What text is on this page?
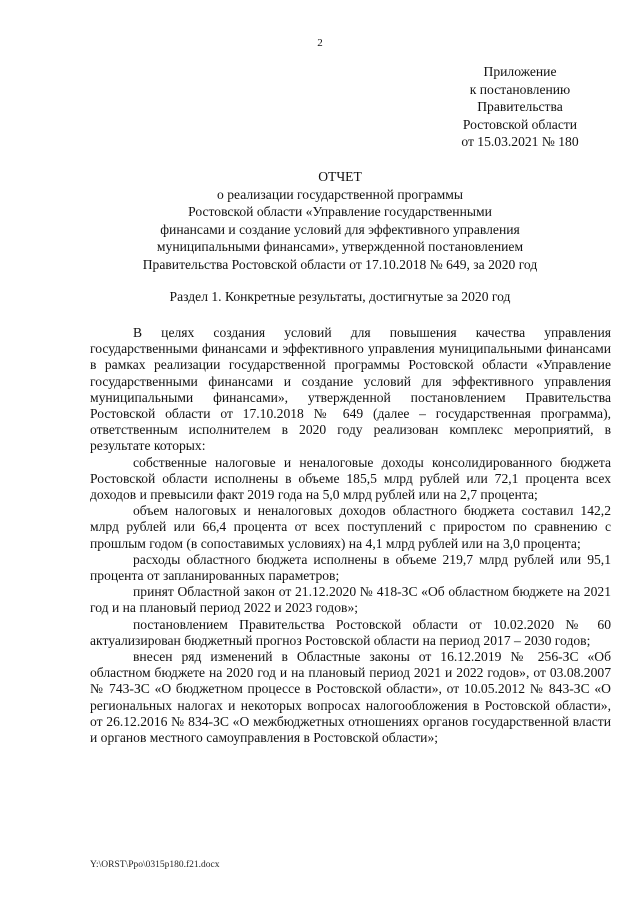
2
Приложение
к постановлению
Правительства
Ростовской области
от 15.03.2021 № 180
ОТЧЕТ
о реализации государственной программы
Ростовской области «Управление государственными
финансами и создание условий для эффективного управления
муниципальными финансами», утвержденной постановлением
Правительства Ростовской области от 17.10.2018 № 649, за 2020 год
Раздел 1. Конкретные результаты, достигнутые за 2020 год

В целях создания условий для повышения качества управления государственными финансами и эффективного управления муниципальными финансами в рамках реализации государственной программы Ростовской области «Управление государственными финансами и создание условий для эффективного управления муниципальными финансами», утвержденной постановлением Правительства Ростовской области от 17.10.2018 № 649 (далее – государственная программа), ответственным исполнителем в 2020 году реализован комплекс мероприятий, в результате которых:

собственные налоговые и неналоговые доходы консолидированного бюджета Ростовской области исполнены в объеме 185,5 млрд рублей или 72,1 процента всех доходов и превысили факт 2019 года на 5,0 млрд рублей или на 2,7 процента;

объем налоговых и неналоговых доходов областного бюджета составил 142,2 млрд рублей или 66,4 процента от всех поступлений с приростом по сравнению с прошлым годом (в сопоставимых условиях) на 4,1 млрд рублей или на 3,0 процента;

расходы областного бюджета исполнены в объеме 219,7 млрд рублей или 95,1 процента от запланированных параметров;

принят Областной закон от 21.12.2020 № 418-ЗС «Об областном бюджете на 2021 год и на плановый период 2022 и 2023 годов»;

постановлением Правительства Ростовской области от 10.02.2020 № 60 актуализирован бюджетный прогноз Ростовской области на период 2017 – 2030 годов;

внесен ряд изменений в Областные законы от 16.12.2019 № 256-ЗС «Об областном бюджете на 2020 год и на плановый период 2021 и 2022 годов», от 03.08.2007 № 743-ЗС «О бюджетном процессе в Ростовской области», от 10.05.2012 № 843-ЗС «О региональных налогах и некоторых вопросах налогообложения в Ростовской области», от 26.12.2016 № 834-ЗС «О межбюджетных отношениях органов государственной власти и органов местного самоуправления в Ростовской области»;

Y:\ORST\Ppo\0315p180.f21.docx
